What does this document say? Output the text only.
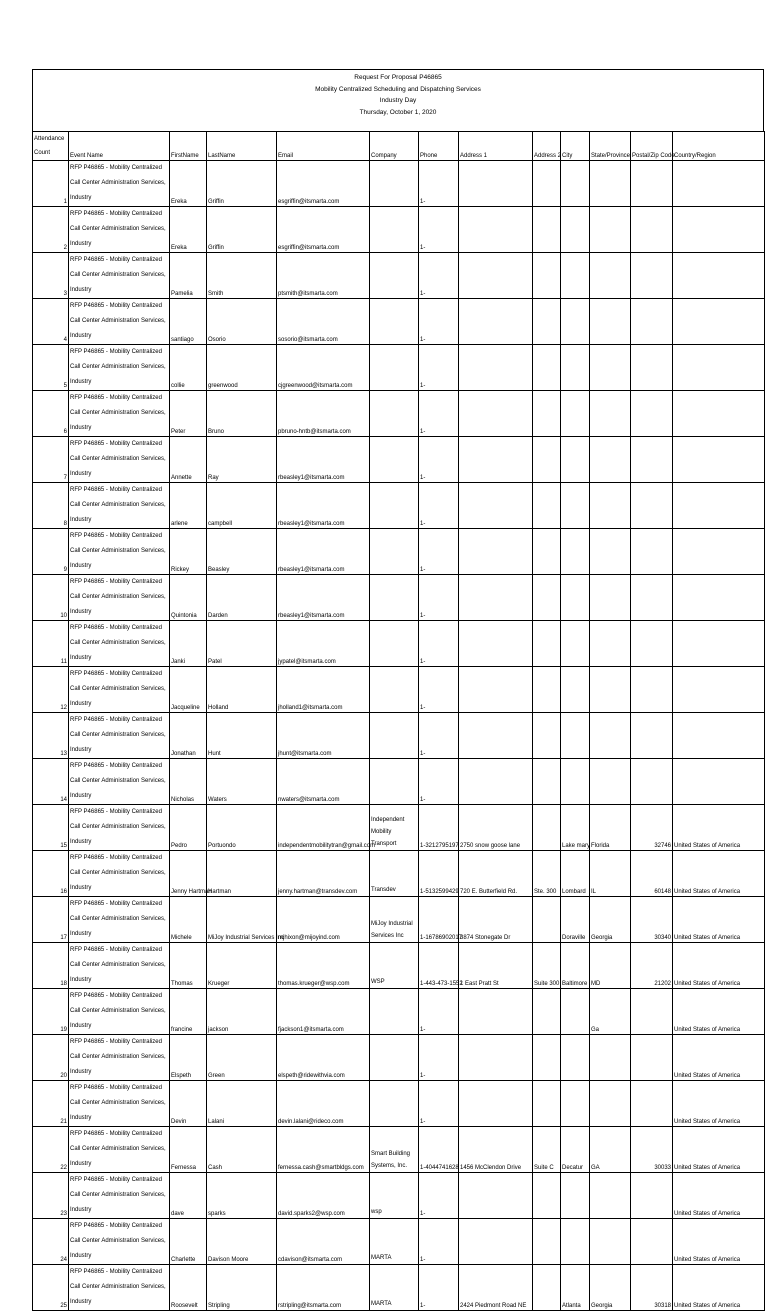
Request For Proposal P46865
Mobility Centralized Scheduling and Dispatching Services
Industry Day
Thursday, October 1, 2020
Attendance Count	Event Name	FirstName	LastName	Email	Company	Phone	Address 1	Address 2	City	State/Province	Postal/Zip Code	Country/Region
1	RFP P46865 - Mobility Centralized Call Center Administration Services, Industry	Ereka	Griffin	esgriffin@itsmarta.com		1-						
2	RFP P46865 - Mobility Centralized Call Center Administration Services, Industry	Ereka	Griffin	esgriffin@itsmarta.com		1-						
3	RFP P46865 - Mobility Centralized Call Center Administration Services, Industry	Pamelia	Smith	ptsmith@itsmarta.com		1-						
4	RFP P46865 - Mobility Centralized Call Center Administration Services, Industry	santiago	Osorio	sosorio@itsmarta.com		1-						
5	RFP P46865 - Mobility Centralized Call Center Administration Services, Industry	collie	greenwood	cjgreenwood@itsmarta.com		1-						
6	RFP P46865 - Mobility Centralized Call Center Administration Services, Industry	Peter	Bruno	pbruno-hntb@itsmarta.com		1-						
7	RFP P46865 - Mobility Centralized Call Center Administration Services, Industry	Annette	Ray	rbeasley1@itsmarta.com		1-						
8	RFP P46865 - Mobility Centralized Call Center Administration Services, Industry	arlene	campbell	rbeasley1@itsmarta.com		1-						
9	RFP P46865 - Mobility Centralized Call Center Administration Services, Industry	Rickey	Beasley	rbeasley1@itsmarta.com		1-						
10	RFP P46865 - Mobility Centralized Call Center Administration Services, Industry	Quintonia	Darden	rbeasley1@itsmarta.com		1-						
11	RFP P46865 - Mobility Centralized Call Center Administration Services, Industry	Janki	Patel	jypatel@itsmarta.com		1-						
12	RFP P46865 - Mobility Centralized Call Center Administration Services, Industry	Jacqueline	Holland	jholland1@itsmarta.com		1-						
13	RFP P46865 - Mobility Centralized Call Center Administration Services, Industry	Jonathan	Hunt	jhunt@itsmarta.com		1-						
14	RFP P46865 - Mobility Centralized Call Center Administration Services, Industry	Nicholas	Waters	nwaters@itsmarta.com		1-						
15	RFP P46865 - Mobility Centralized Call Center Administration Services, Industry	Pedro	Portuondo	independentmobilitytran@gmail.com	Independent Mobility Transport	1-3212795197	2750 snow goose lane		Lake mary	Florida	32746	United States of America
16	RFP P46865 - Mobility Centralized Call Center Administration Services, Industry	Jenny Hartman	Hartman	jenny.hartman@transdev.com	Transdev	1-5132599429	720 E. Butterfield Rd.	Ste. 300	Lombard	IL	60148	United States of America
17	RFP P46865 - Mobility Centralized Call Center Administration Services, Industry	Michele	MiJoy Industrial Services Inc	mjhixon@mijoyind.com	MiJoy Industrial Services Inc	1-16786902017	3874 Stonegate Dr		Doraville	Georgia	30340	United States of America
18	RFP P46865 - Mobility Centralized Call Center Administration Services, Industry	Thomas	Krueger	thomas.krueger@wsp.com	WSP	1-443-473-1552	1 East Pratt St	Suite 300	Baltimore	MD	21202	United States of America
19	RFP P46865 - Mobility Centralized Call Center Administration Services, Industry	francine	jackson	fjackson1@itsmarta.com		1-				Ga		United States of America
20	RFP P46865 - Mobility Centralized Call Center Administration Services, Industry	Elspeth	Green	elspeth@ridewithvia.com		1-						United States of America
21	RFP P46865 - Mobility Centralized Call Center Administration Services, Industry	Devin	Lalani	devin.lalani@rideco.com		1-						United States of America
22	RFP P46865 - Mobility Centralized Call Center Administration Services, Industry	Fernessa	Cash	fernessa.cash@smartbldgs.com	Smart Building Systems, Inc.	1-4044741628	1456 McClendon Drive	Suite C	Decatur	GA	30033	United States of America
23	RFP P46865 - Mobility Centralized Call Center Administration Services, Industry	dave	sparks	david.sparks2@wsp.com	wsp	1-						United States of America
24	RFP P46865 - Mobility Centralized Call Center Administration Services, Industry	Charlette	Davison Moore	cdavison@itsmarta.com	MARTA	1-						United States of America
25	RFP P46865 - Mobility Centralized Call Center Administration Services, Industry	Roosevelt	Stripling	rstripling@itsmarta.com	MARTA	1-	2424 Piedmont Road NE		Atlanta	Georgia	30318	United States of America
